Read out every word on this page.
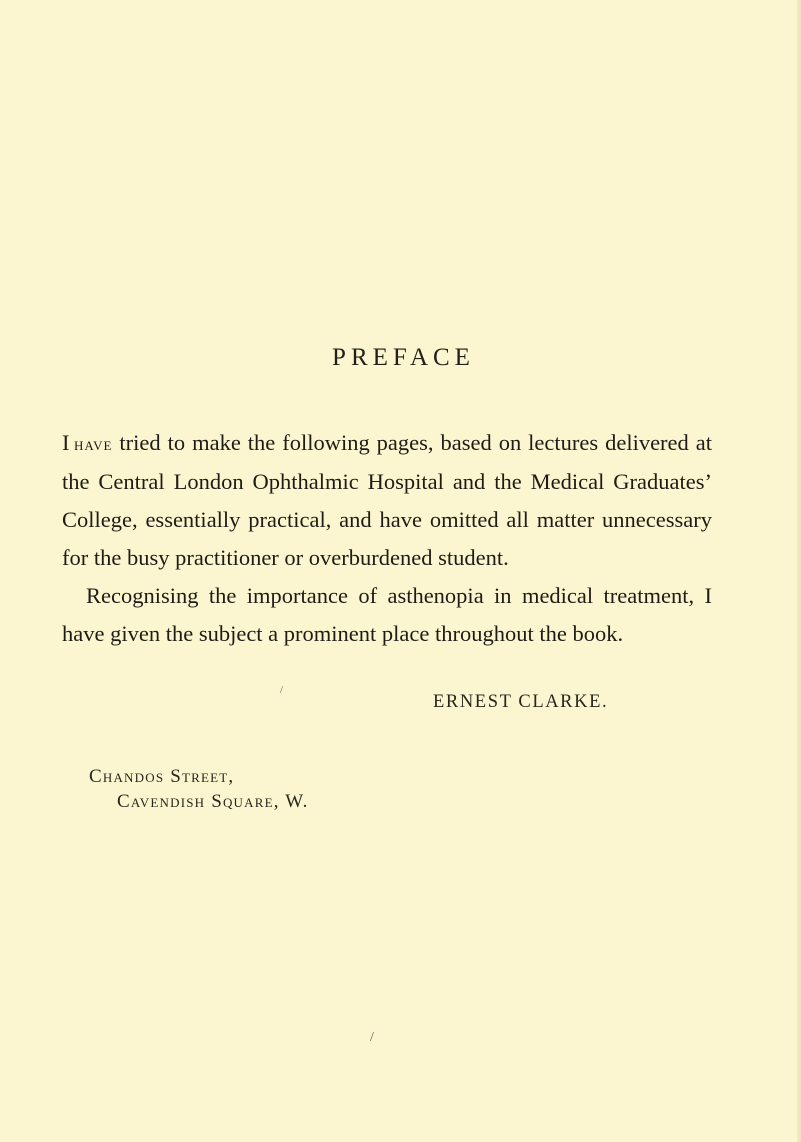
PREFACE

I  have tried to make the following pages, based on lectures delivered at the Central London Ophthalmic Hospital and the Medical Graduates’ College, essentially practical, and have omitted all matter unnecessary for the busy practitioner or overburdened student.

Recognising the importance of asthenopia in medical treatment, I have given the subject a prominent place throughout the book.

ERNEST CLARKE.
Chandos Street,
Cavendish Square, W.
/
/
